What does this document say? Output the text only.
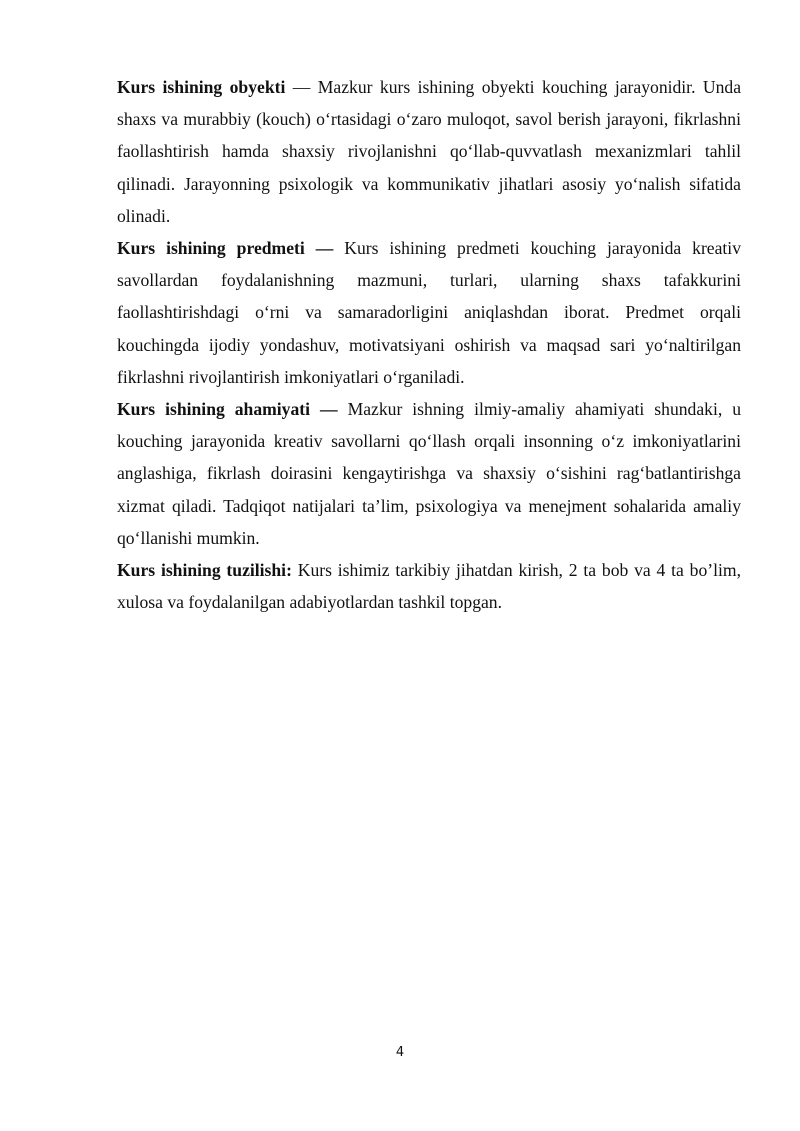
Kurs ishining obyekti — Mazkur kurs ishining obyekti kouching jarayonidir. Unda shaxs va murabbiy (kouch) o‘rtasidagi o‘zaro muloqot, savol berish jarayoni, fikrlashni faollashtirish hamda shaxsiy rivojlanishni qo‘llab-quvvatlash mexanizmlari tahlil qilinadi. Jarayonning psixologik va kommunikativ jihatlari asosiy yo‘nalish sifatida olinadi.

Kurs ishining predmeti — Kurs ishining predmeti kouching jarayonida kreativ savollardan foydalanishning mazmuni, turlari, ularning shaxs tafakkurini faollashtirishdagi o‘rni va samaradorligini aniqlashdan iborat. Predmet orqali kouchingda ijodiy yondashuv, motivatsiyani oshirish va maqsad sari yo‘naltirilgan fikrlashni rivojlantirish imkoniyatlari o‘rganiladi.

Kurs ishining ahamiyati — Mazkur ishning ilmiy-amaliy ahamiyati shundaki, u kouching jarayonida kreativ savollarni qo‘llash orqali insonning o‘z imkoniyatlarini anglashiga, fikrlash doirasini kengaytirishga va shaxsiy o‘sishini rag‘batlantirishga xizmat qiladi. Tadqiqot natijalari ta’lim, psixologiya va menejment sohalarida amaliy qo‘llanishi mumkin.

Kurs ishining tuzilishi: Kurs ishimiz tarkibiy jihatdan kirish, 2 ta bob va 4 ta bo’lim, xulosa va foydalanilgan adabiyotlardan tashkil topgan.

4
